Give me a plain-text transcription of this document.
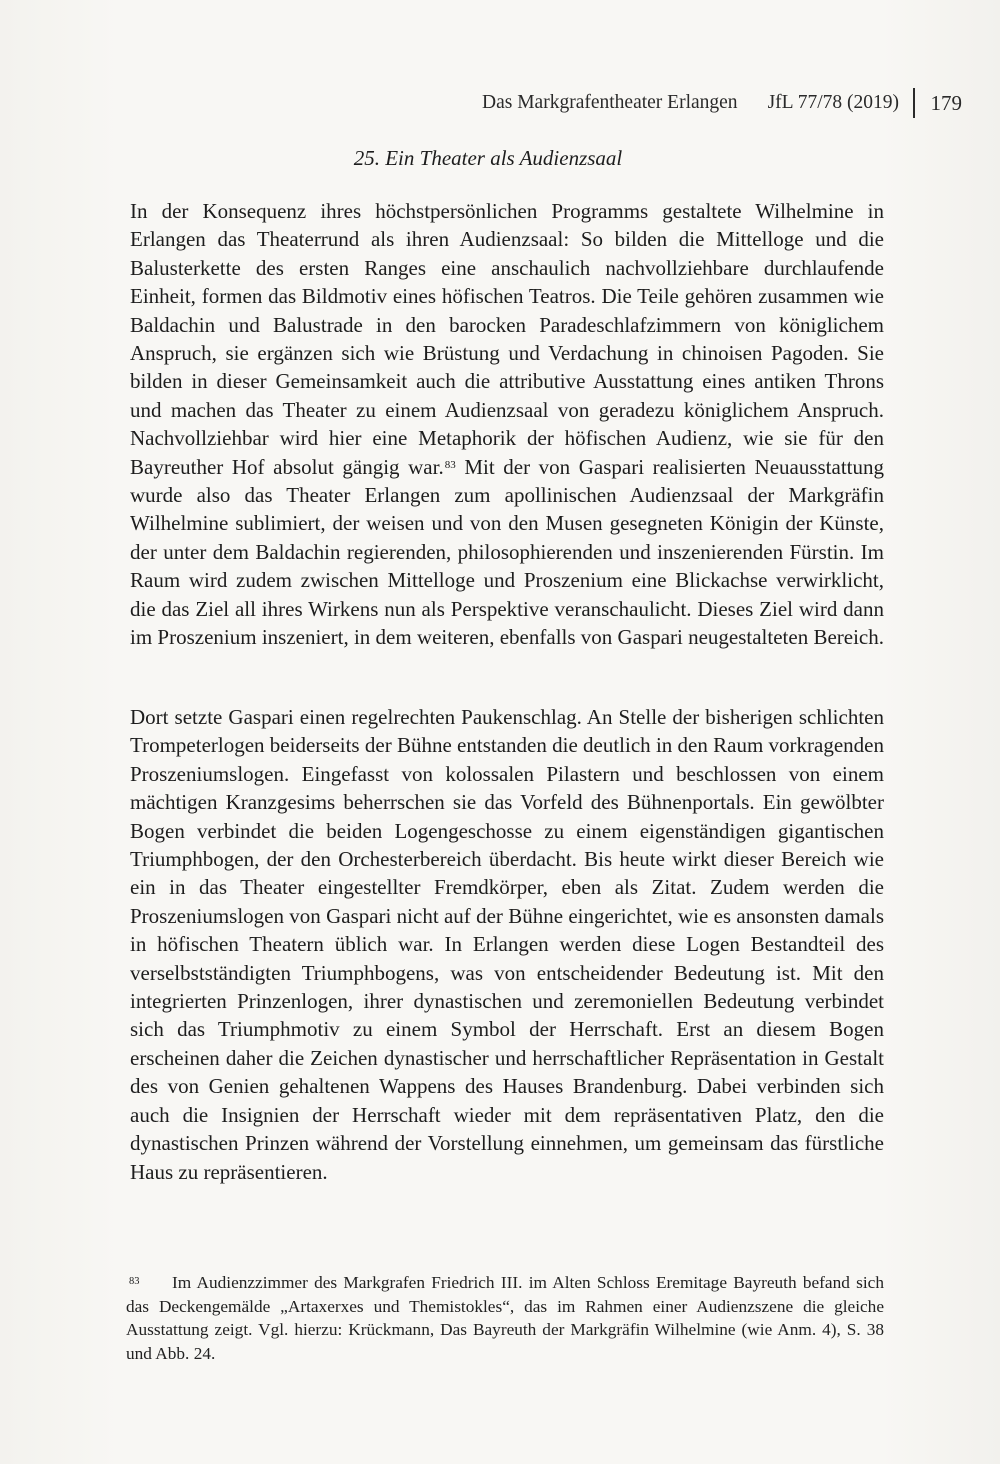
Das Markgrafentheater Erlangen JfL 77/78 (2019) 179
25. Ein Theater als Audienzsaal

In der Konsequenz ihres höchstpersönlichen Programms gestaltete Wilhelmine in Erlangen das Theaterrund als ihren Audienzsaal: So bilden die Mittelloge und die Balusterkette des ersten Ranges eine anschaulich nachvollziehbare durchlaufende Einheit, formen das Bildmotiv eines höfischen Teatros. Die Teile gehören zusammen wie Baldachin und Balustrade in den barocken Paradeschlafzimmern von königlichem Anspruch, sie ergänzen sich wie Brüstung und Verdachung in chinoisen Pagoden. Sie bilden in dieser Gemeinsamkeit auch die attributive Ausstattung eines antiken Throns und machen das Theater zu einem Audienzsaal von geradezu königlichem Anspruch. Nachvollziehbar wird hier eine Metaphorik der höfischen Audienz, wie sie für den Bayreuther Hof absolut gängig war.$^{83}$ Mit der von Gaspari realisierten Neuausstattung wurde also das Theater Erlangen zum apollinischen Audienzsaal der Markgräfin Wilhelmine sublimiert, der weisen und von den Musen gesegneten Königin der Künste, der unter dem Baldachin regierenden, philosophierenden und inszenierenden Fürstin. Im Raum wird zudem zwischen Mittelloge und Proszenium eine Blickachse verwirklicht, die das Ziel all ihres Wirkens nun als Perspektive veranschaulicht. Dieses Ziel wird dann im Proszenium inszeniert, in dem weiteren, ebenfalls von Gaspari neugestalteten Bereich.

Dort setzte Gaspari einen regelrechten Paukenschlag. An Stelle der bisherigen schlichten Trompeterlogen beiderseits der Bühne entstanden die deutlich in den Raum vorkragenden Proszeniumslogen. Eingefasst von kolossalen Pilastern und beschlossen von einem mächtigen Kranzgesims beherrschen sie das Vorfeld des Bühnenportals. Ein gewölbter Bogen verbindet die beiden Logengeschosse zu einem eigenständigen gigantischen Triumphbogen, der den Orchesterbereich überdacht. Bis heute wirkt dieser Bereich wie ein in das Theater eingestellter Fremdkörper, eben als Zitat. Zudem werden die Proszeniumslogen von Gaspari nicht auf der Bühne eingerichtet, wie es ansonsten damals in höfischen Theatern üblich war. In Erlangen werden diese Logen Bestandteil des verselbstständigten Triumphbogens, was von entscheidender Bedeutung ist. Mit den integrierten Prinzenlogen, ihrer dynastischen und zeremoniellen Bedeutung verbindet sich das Triumphmotiv zu einem Symbol der Herrschaft. Erst an diesem Bogen erscheinen daher die Zeichen dynastischer und herrschaftlicher Repräsentation in Gestalt des von Genien gehaltenen Wappens des Hauses Brandenburg. Dabei verbinden sich auch die Insignien der Herrschaft wieder mit dem repräsentativen Platz, den die dynastischen Prinzen während der Vorstellung einnehmen, um gemeinsam das fürstliche Haus zu repräsentieren.

83 Im Audienzzimmer des Markgrafen Friedrich III. im Alten Schloss Eremitage Bayreuth befand sich das Deckengemälde „Artaxerxes und Themistokles“, das im Rahmen einer Audienzszene die gleiche Ausstattung zeigt. Vgl. hierzu: Krückmann, Das Bayreuth der Markgräfin Wilhelmine (wie Anm. 4), S. 38 und Abb. 24.
